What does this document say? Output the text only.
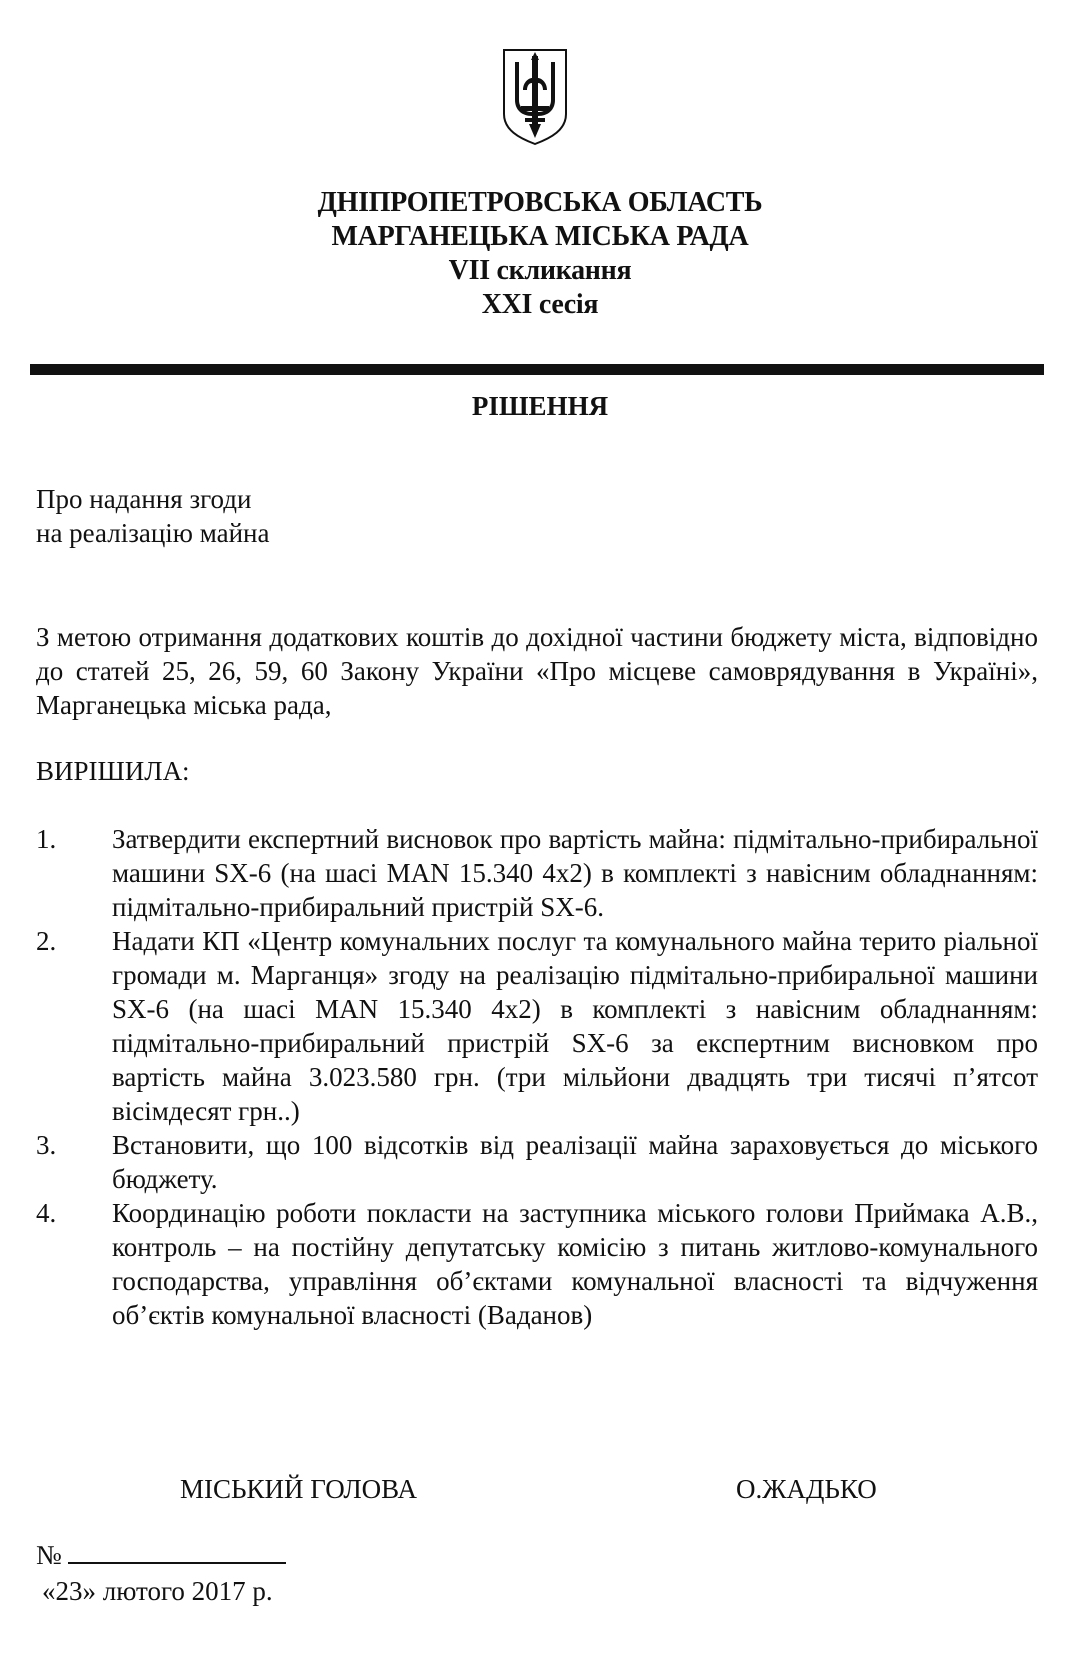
ДНІПРОПЕТРОВСЬКА ОБЛАСТЬ
МАРГАНЕЦЬКА МІСЬКА РАДА
VII скликання
XXI сесія
РІШЕННЯ
Про надання згоди
на реалізацію майна
З метою отримання додаткових коштів до дохідної частини бюджету міста, відповідно до статей 25, 26, 59, 60 Закону України «Про місцеве самоврядування в Україні», Марганецька міська рада,
ВИРІШИЛА:
1.	Затвердити експертний висновок про вартість майна: підмітально-прибиральної машини SX-6 (на шасі MAN 15.340 4x2) в комплекті з навісним обладнанням: підмітально-прибиральний пристрій SX-6.
2.	Надати КП «Центр комунальних послуг та комунального майна терито ріальної громади м. Марганця» згоду на реалізацію підмітально-прибиральної машини SX-6 (на шасі MAN 15.340 4x2) в комплекті з навісним обладнанням: підмітально-прибиральний пристрій SX-6 за експертним висновком про вартість майна 3.023.580 грн. (три мільйони двадцять три тисячі п’ятсот вісімдесят грн..)
3.	Встановити, що 100 відсотків від реалізації майна зараховується до міського бюджету.
4.	Координацію роботи покласти на заступника міського голови Приймака А.В., контроль – на постійну депутатську комісію з питань житлово-комунального господарства, управління об’єктами комунальної власності та відчуження об’єктів комунальної власності (Ваданов)
МІСЬКИЙ ГОЛОВА	О.ЖАДЬКО
№
«23» лютого 2017 р.
